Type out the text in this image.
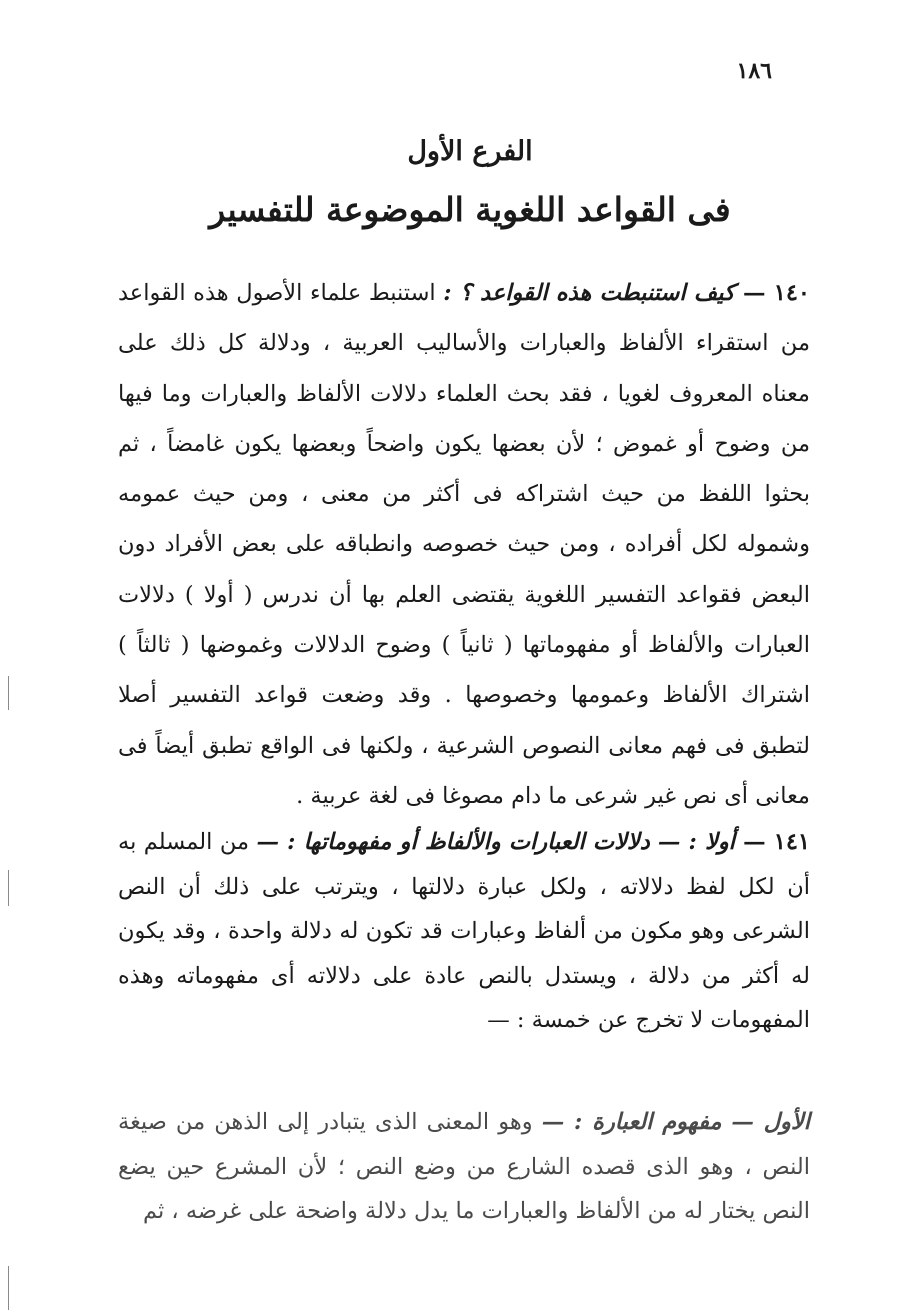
١٨٦
الفرع الأول
فى القواعد اللغوية الموضوعة للتفسير

١٤٠ — كيف استنبطت هذه القواعد ؟ : استنبط علماء الأصول هذه القواعد من استقراء الألفاظ والعبارات والأساليب العربية ، ودلالة كل ذلك على معناه المعروف لغويا ، فقد بحث العلماء دلالات الألفاظ والعبارات وما فيها من وضوح أو غموض ؛ لأن بعضها يكون واضحاً وبعضها يكون غامضاً ، ثم بحثوا اللفظ من حيث اشتراكه فى أكثر من معنى ، ومن حيث عمومه وشموله لكل أفراده ، ومن حيث خصوصه وانطباقه على بعض الأفراد دون البعض فقواعد التفسير اللغوية يقتضى العلم بها أن ندرس ( أولا ) دلالات العبارات والألفاظ أو مفهوماتها ( ثانياً ) وضوح الدلالات وغموضها ( ثالثاً ) اشتراك الألفاظ وعمومها وخصوصها . وقد وضعت قواعد التفسير أصلا لتطبق فى فهم معانى النصوص الشرعية ، ولكنها فى الواقع تطبق أيضاً فى معانى أى نص غير شرعى ما دام مصوغا فى لغة عربية .

١٤١ — أولا : — دلالات العبارات والألفاظ أو مفهوماتها : — من المسلم به أن لكل لفظ دلالاته ، ولكل عبارة دلالتها ، ويترتب على ذلك أن النص الشرعى وهو مكون من ألفاظ وعبارات قد تكون له دلالة واحدة ، وقد يكون له أكثر من دلالة ، ويستدل بالنص عادة على دلالاته أى مفهوماته وهذه المفهومات لا تخرج عن خمسة : —

الأول — مفهوم العبارة : — وهو المعنى الذى يتبادر إلى الذهن من صيغة النص ، وهو الذى قصده الشارع من وضع النص ؛ لأن المشرع حين يضع النص يختار له من الألفاظ والعبارات ما يدل دلالة واضحة على غرضه ، ثم
